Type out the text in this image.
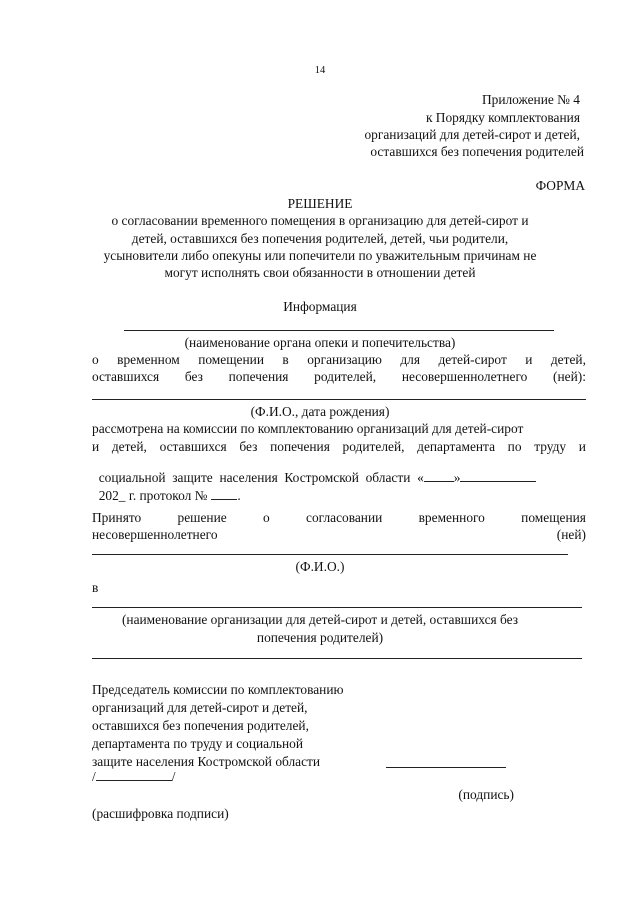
14
Приложение № 4
к Порядку комплектования
организаций для детей-сирот и детей,
оставшихся без попечения родителей
ФОРМА
РЕШЕНИЕ
о согласовании временного помещения в организацию для детей-сирот и
детей, оставшихся без попечения родителей, детей, чьи родители,
усыновители либо опекуны или попечители по уважительным причинам не
могут исполнять свои обязанности в отношении детей
Информация
(наименование органа опеки и попечительства)
о временном помещении в организацию для детей-сирот и детей,
оставшихся без попечения родителей, несовершеннолетнего (ней):
(Ф.И.О., дата рождения)
рассмотрена на комиссии по комплектованию организаций для детей-сирот
и детей, оставшихся без попечения родителей, департамента по труду и

социальной  защите  населения  Костромской  области  « »

202_ г. протокол № .

Принято	решение	о	согласовании	временного	помещения
несовершеннолетнего	(ней)
(Ф.И.О.)
в
(наименование организации для детей-сирот и детей, оставшихся без
попечения родителей)
Председатель комиссии по комплектованию
организаций для детей-сирот и детей,
оставшихся без попечения родителей,
департамента по труду и социальной
защите населения Костромской области
/	/
(подпись)
(расшифровка подписи)
